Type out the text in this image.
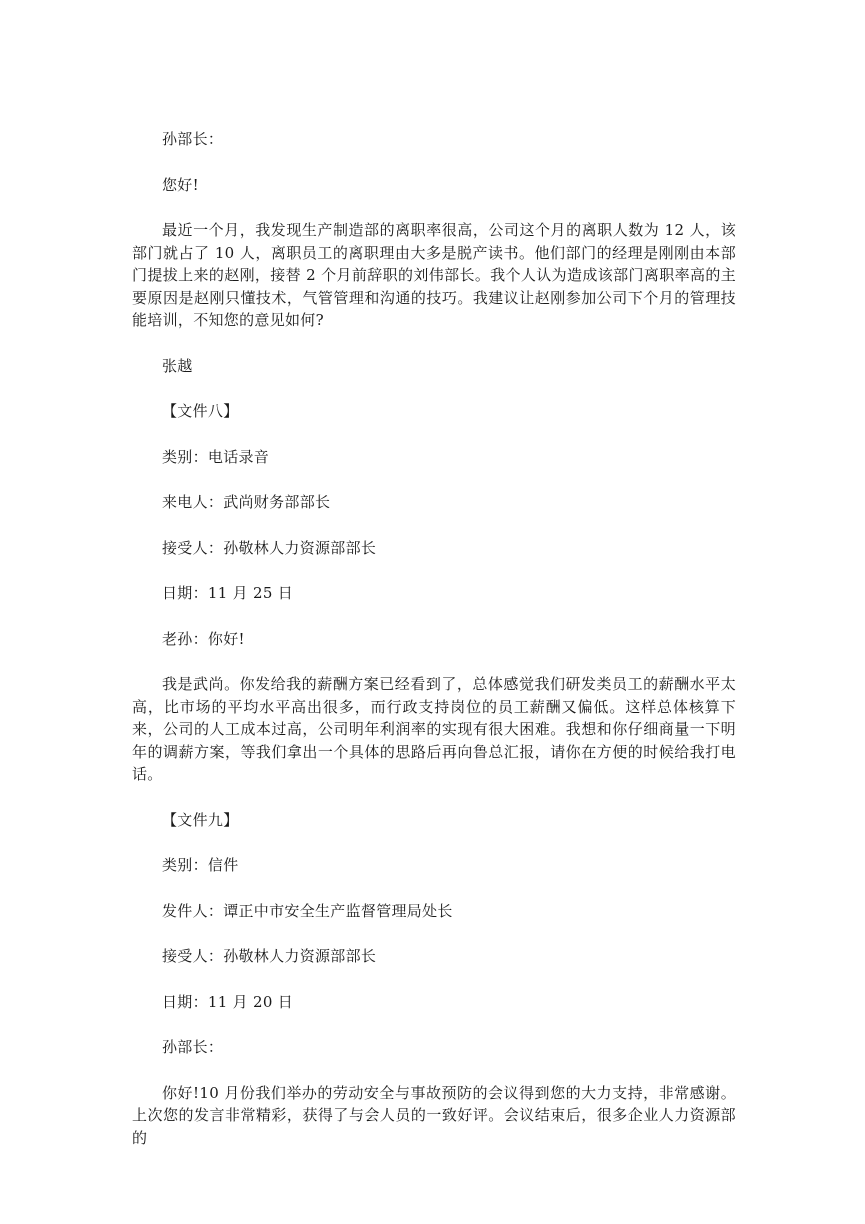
孙部长：

您好!

最近一个月，我发现生产制造部的离职率很高，公司这个月的离职人数为 12 人，该部门就占了 10 人，离职员工的离职理由大多是脱产读书。他们部门的经理是刚刚由本部门提拔上来的赵刚，接替 2 个月前辞职的刘伟部长。我个人认为造成该部门离职率高的主要原因是赵刚只懂技术，气管管理和沟通的技巧。我建议让赵刚参加公司下个月的管理技能培训，不知您的意见如何?

张越

【文件八】

类别：电话录音

来电人：武尚财务部部长

接受人：孙敬林人力资源部部长

日期：11 月 25 日

老孙：你好!

我是武尚。你发给我的薪酬方案已经看到了，总体感觉我们研发类员工的薪酬水平太高，比市场的平均水平高出很多，而行政支持岗位的员工薪酬又偏低。这样总体核算下来，公司的人工成本过高，公司明年利润率的实现有很大困难。我想和你仔细商量一下明年的调薪方案，等我们拿出一个具体的思路后再向鲁总汇报，请你在方便的时候给我打电话。

【文件九】

类别：信件

发件人：谭正中市安全生产监督管理局处长

接受人：孙敬林人力资源部部长

日期：11 月 20 日

孙部长：

你好!10 月份我们举办的劳动安全与事故预防的会议得到您的大力支持，非常感谢。上次您的发言非常精彩，获得了与会人员的一致好评。会议结束后，很多企业人力资源部的
